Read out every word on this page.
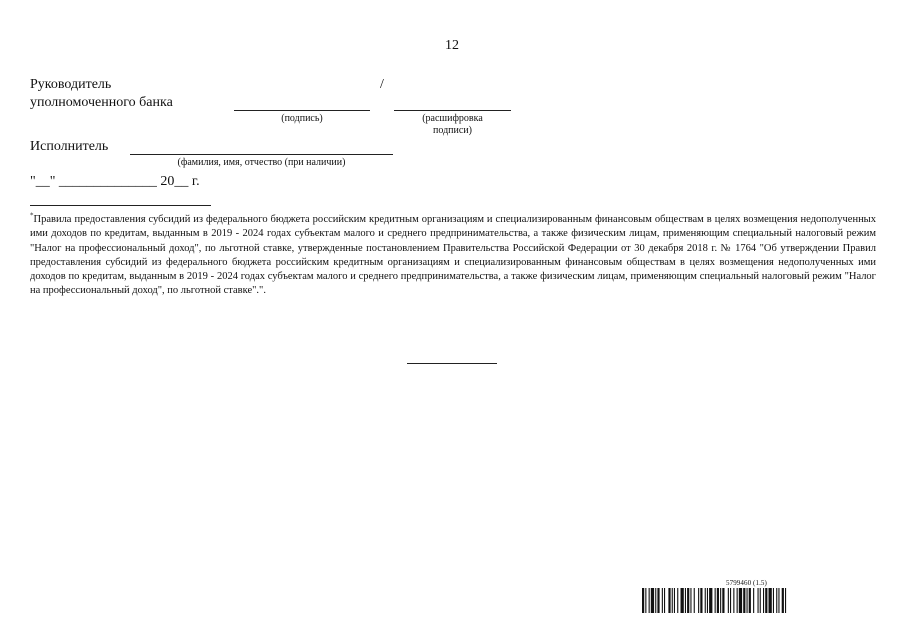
12
Руководитель	/
уполномоченного банка
(подпись)	(расшифровка
подписи)
Исполнитель
(фамилия, имя, отчество (при наличии)
"__" ______________ 20__ г.
*Правила предоставления субсидий из федерального бюджета российским кредитным организациям и специализированным финансовым обществам в целях возмещения недополученных ими доходов по кредитам, выданным в 2019 - 2024 годах субъектам малого и среднего предпринимательства, а также физическим лицам, применяющим специальный налоговый режим "Налог на профессиональный доход", по льготной ставке, утвержденные постановлением Правительства Российской Федерации от 30 декабря 2018 г. № 1764 "Об утверждении Правил предоставления субсидий из федерального бюджета российским кредитным организациям и специализированным финансовым обществам в целях возмещения недополученных ими доходов по кредитам, выданным в 2019 - 2024 годах субъектам малого и среднего предпринимательства, а также физическим лицам, применяющим специальный налоговый режим "Налог на профессиональный доход", по льготной ставке".".
5799460 (1.5)
